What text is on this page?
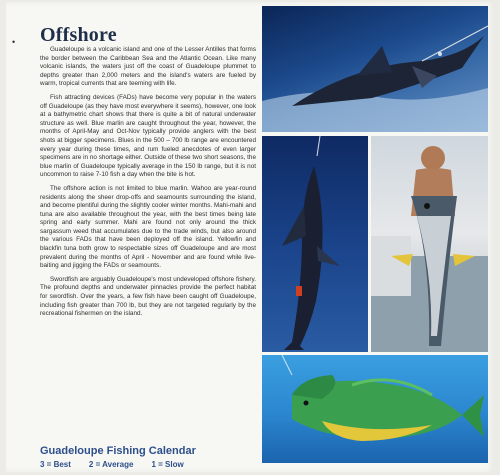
• Offshore

Guadeloupe is a volcanic island and one of the Lesser Antilles that forms the border between the Caribbean Sea and the Atlantic Ocean. Like many volcanic islands, the waters just off the coast of Guadeloupe plummet to depths greater than 2,000 meters and the island's waters are fueled by warm, tropical currents that are teeming with life.

Fish attracting devices (FADs) have become very popular in the waters off Guadeloupe (as they have most everywhere it seems), however, one look at a bathymetric chart shows that there is quite a bit of natural underwater structure as well. Blue marlin are caught throughout the year, however, the months of April-May and Oct-Nov typically provide anglers with the best shots at bigger specimens. Blues in the 500 – 700 lb range are encountered every year during these times, and rum fueled anecdotes of even larger specimens are in no shortage either. Outside of these two short seasons, the blue marlin of Guadeloupe typically average in the 150 lb range, but it is not uncommon to raise 7-10 fish a day when the bite is hot.

The offshore action is not limited to blue marlin. Wahoo are year-round residents along the sheer drop-offs and seamounts surrounding the island, and become plentiful during the slightly cooler winter months. Mahi-mahi and tuna are also available throughout the year, with the best times being late spring and early summer. Mahi are found not only around the thick sargassum weed that accumulates due to the trade winds, but also around the various FADs that have been deployed off the island. Yellowfin and blackfin tuna both grow to respectable sizes off Guadeloupe and are most prevalent during the months of April - November and are found while live-baiting and jigging the FADs or seamounts.

Swordfish are arguably Guadeloupe's most undeveloped offshore fishery. The profound depths and underwater pinnacles provide the perfect habitat for swordfish. Over the years, a few fish have been caught off Guadeloupe, including fish greater than 700 lb, but they are not targeted regularly by the recreational fishermen on the island.

Guadeloupe Fishing Calendar
3 = Best 2 = Average 1 = Slow
